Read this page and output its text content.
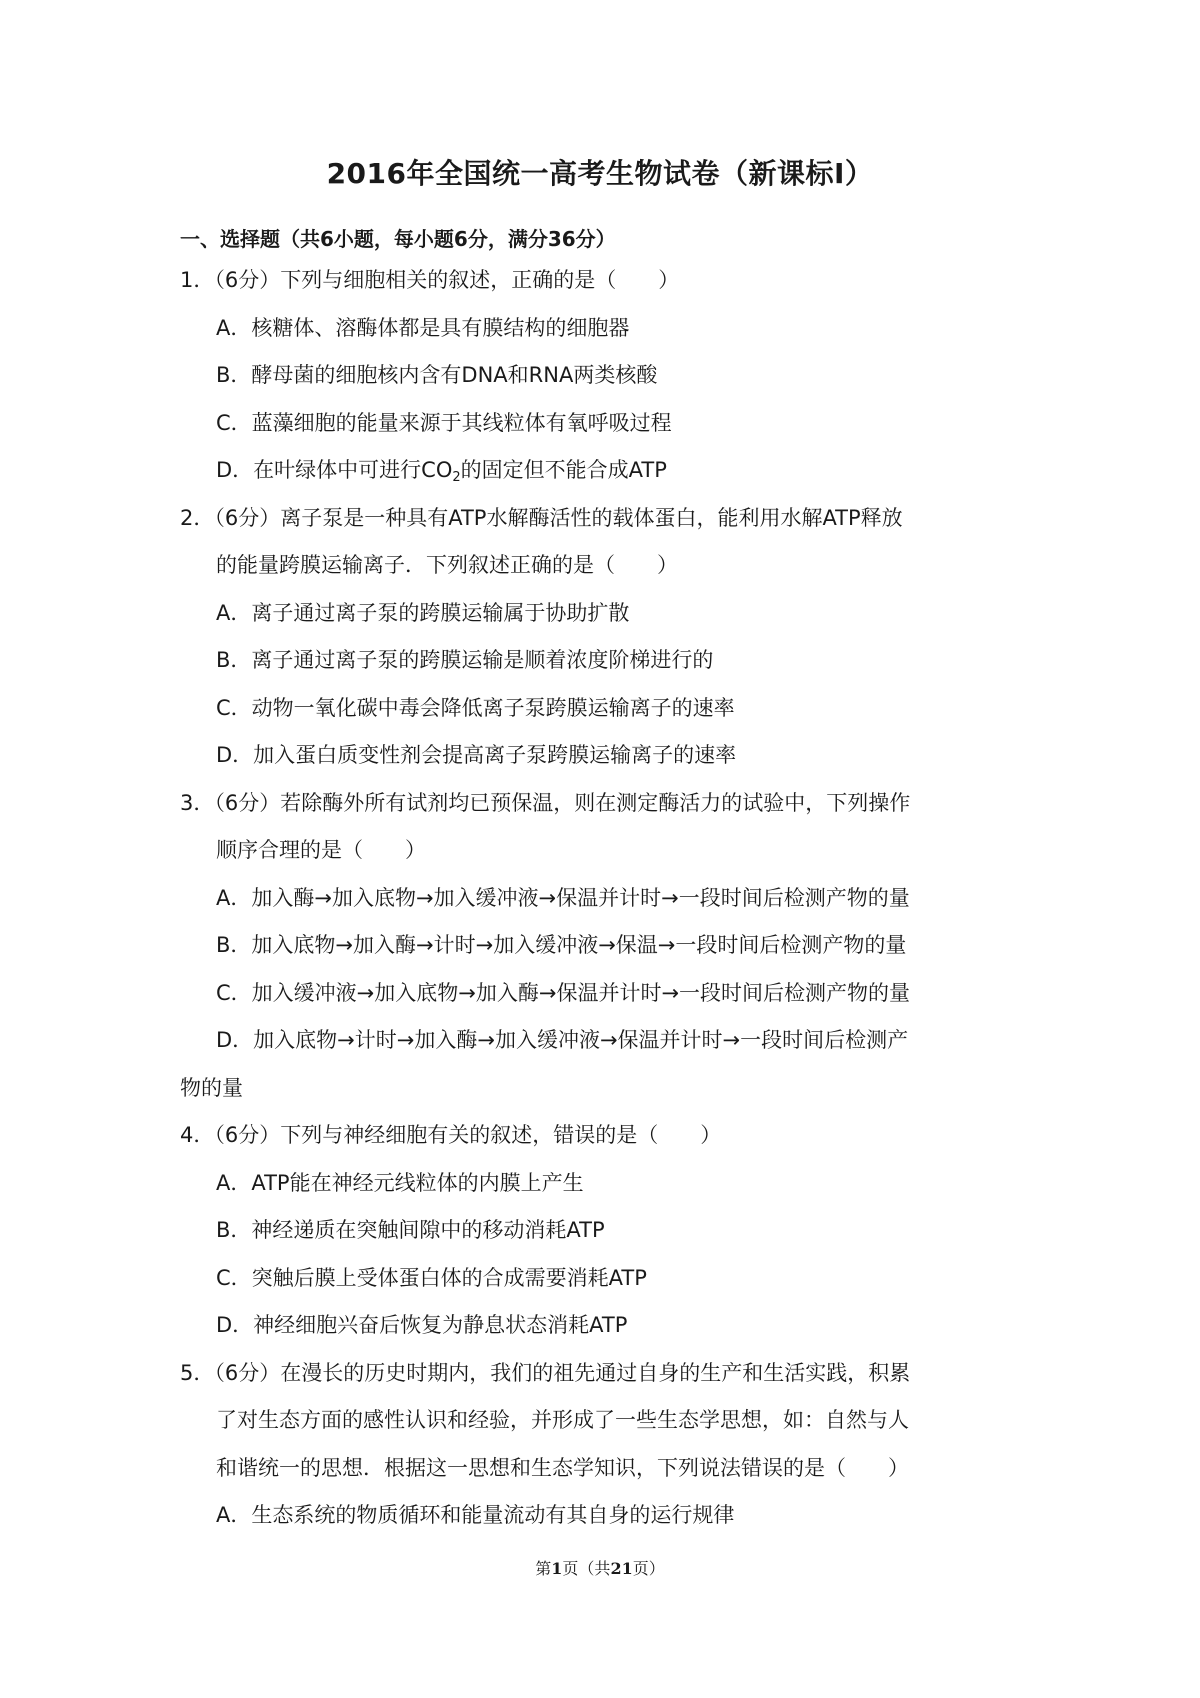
2016年全国统一高考生物试卷（新课标Ⅰ）
一、选择题（共6小题，每小题6分，满分36分）
1．（6分）下列与细胞相关的叙述，正确的是（　　）
A．核糖体、溶酶体都是具有膜结构的细胞器
B．酵母菌的细胞核内含有DNA和RNA两类核酸
C．蓝藻细胞的能量来源于其线粒体有氧呼吸过程
D．在叶绿体中可进行$CO_2$的固定但不能合成ATP
2．（6分）离子泵是一种具有ATP水解酶活性的载体蛋白，能利用水解ATP释放
的能量跨膜运输离子．下列叙述正确的是（　　）
A．离子通过离子泵的跨膜运输属于协助扩散
B．离子通过离子泵的跨膜运输是顺着浓度阶梯进行的
C．动物一氧化碳中毒会降低离子泵跨膜运输离子的速率
D．加入蛋白质变性剂会提高离子泵跨膜运输离子的速率
3．（6分）若除酶外所有试剂均已预保温，则在测定酶活力的试验中，下列操作
顺序合理的是（　　）
A．加入酶→加入底物→加入缓冲液→保温并计时→一段时间后检测产物的量
B．加入底物→加入酶→计时→加入缓冲液→保温→一段时间后检测产物的量
C．加入缓冲液→加入底物→加入酶→保温并计时→一段时间后检测产物的量
D．加入底物→计时→加入酶→加入缓冲液→保温并计时→一段时间后检测产
物的量
4．（6分）下列与神经细胞有关的叙述，错误的是（　　）
A．ATP能在神经元线粒体的内膜上产生
B．神经递质在突触间隙中的移动消耗ATP
C．突触后膜上受体蛋白体的合成需要消耗ATP
D．神经细胞兴奋后恢复为静息状态消耗ATP
5．（6分）在漫长的历史时期内，我们的祖先通过自身的生产和生活实践，积累
了对生态方面的感性认识和经验，并形成了一些生态学思想，如：自然与人
和谐统一的思想．根据这一思想和生态学知识，下列说法错误的是（　　）
A．生态系统的物质循环和能量流动有其自身的运行规律
第1页（共21页）
